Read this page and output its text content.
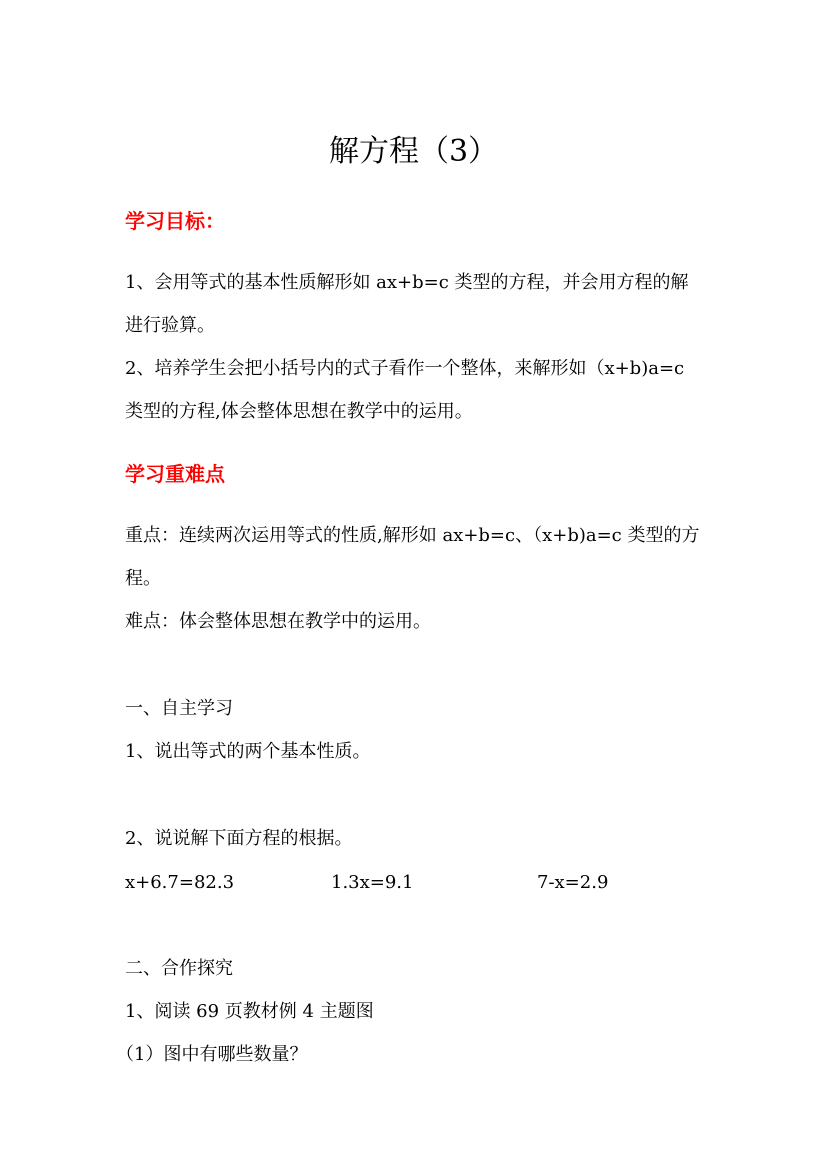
解方程（3）
学习目标：
1、会用等式的基本性质解形如 ax+b=c 类型的方程，并会用方程的解
进行验算。
2、培养学生会把小括号内的式子看作一个整体，来解形如（x+b)a=c
类型的方程,体会整体思想在教学中的运用。
学习重难点
重点：连续两次运用等式的性质,解形如 ax+b=c、（x+b)a=c 类型的方
程。
难点：体会整体思想在教学中的运用。
一、自主学习
1、说出等式的两个基本性质。
2、说说解下面方程的根据。
x+6.7=82.3	1.3x=9.1	7-x=2.9
二、合作探究
1、阅读 69 页教材例 4 主题图
（1）图中有哪些数量？
